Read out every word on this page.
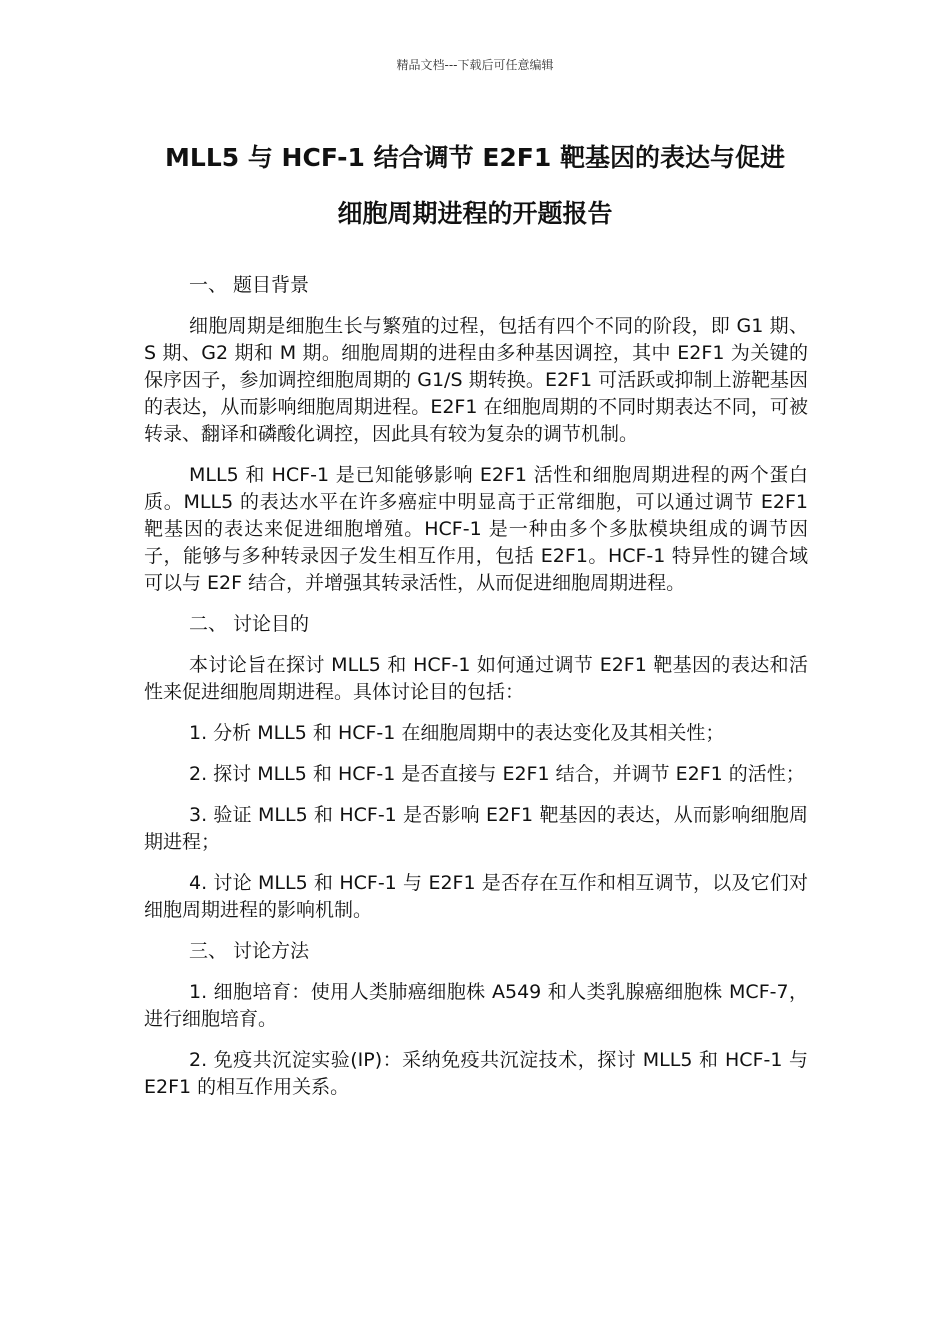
精品文档---下载后可任意编辑
MLL5 与 HCF-1 结合调节 E2F1 靶基因的表达与促进
细胞周期进程的开题报告

一、 题目背景

细胞周期是细胞生长与繁殖的过程，包括有四个不同的阶段，即 G1 期、S 期、G2 期和 M 期。细胞周期的进程由多种基因调控，其中 E2F1 为关键的保序因子，参加调控细胞周期的 G1/S 期转换。E2F1 可活跃或抑制上游靶基因的表达，从而影响细胞周期进程。E2F1 在细胞周期的不同时期表达不同，可被转录、翻译和磷酸化调控，因此具有较为复杂的调节机制。

MLL5 和 HCF-1 是已知能够影响 E2F1 活性和细胞周期进程的两个蛋白质。MLL5 的表达水平在许多癌症中明显高于正常细胞，可以通过调节 E2F1 靶基因的表达来促进细胞增殖。HCF-1 是一种由多个多肽模块组成的调节因子，能够与多种转录因子发生相互作用，包括 E2F1。HCF-1 特异性的键合域可以与 E2F 结合，并增强其转录活性，从而促进细胞周期进程。

二、 讨论目的

本讨论旨在探讨 MLL5 和 HCF-1 如何通过调节 E2F1 靶基因的表达和活性来促进细胞周期进程。具体讨论目的包括：

1. 分析 MLL5 和 HCF-1 在细胞周期中的表达变化及其相关性；

2. 探讨 MLL5 和 HCF-1 是否直接与 E2F1 结合，并调节 E2F1 的活性；

3. 验证 MLL5 和 HCF-1 是否影响 E2F1 靶基因的表达，从而影响细胞周期进程；

4. 讨论 MLL5 和 HCF-1 与 E2F1 是否存在互作和相互调节，以及它们对细胞周期进程的影响机制。

三、 讨论方法

1. 细胞培育：使用人类肺癌细胞株 A549 和人类乳腺癌细胞株 MCF-7，进行细胞培育。

2. 免疫共沉淀实验(IP)：采纳免疫共沉淀技术，探讨 MLL5 和 HCF-1 与 E2F1 的相互作用关系。
